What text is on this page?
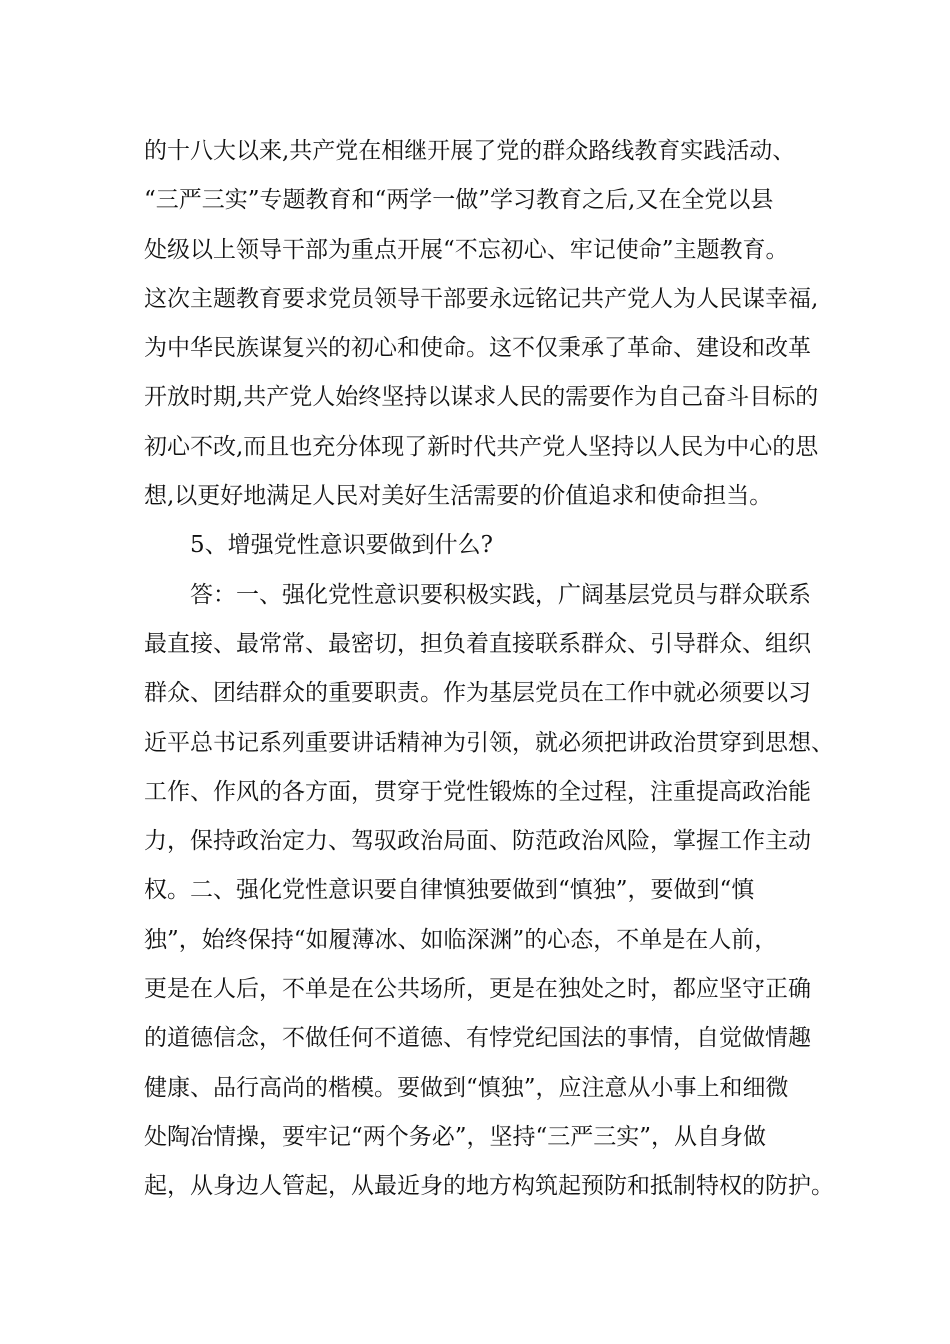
的十八大以来,共产党在相继开展了党的群众路线教育实践活动、
“三严三实”专题教育和“两学一做”学习教育之后,又在全党以县
处级以上领导干部为重点开展“不忘初心、牢记使命”主题教育。
这次主题教育要求党员领导干部要永远铭记共产党人为人民谋幸福,
为中华民族谋复兴的初心和使命。这不仅秉承了革命、建设和改革
开放时期,共产党人始终坚持以谋求人民的需要作为自己奋斗目标的
初心不改,而且也充分体现了新时代共产党人坚持以人民为中心的思
想,以更好地满足人民对美好生活需要的价值追求和使命担当。
5、增强党性意识要做到什么?
答：一、强化党性意识要积极实践，广阔基层党员与群众联系
最直接、最常常、最密切，担负着直接联系群众、引导群众、组织
群众、团结群众的重要职责。作为基层党员在工作中就必须要以习
近平总书记系列重要讲话精神为引领，就必须把讲政治贯穿到思想、
工作、作风的各方面，贯穿于党性锻炼的全过程，注重提高政治能
力，保持政治定力、驾驭政治局面、防范政治风险，掌握工作主动
权。二、强化党性意识要自律慎独要做到“慎独”，要做到“慎
独”，始终保持“如履薄冰、如临深渊”的心态，不单是在人前，
更是在人后，不单是在公共场所，更是在独处之时，都应坚守正确
的道德信念，不做任何不道德、有悖党纪国法的事情，自觉做情趣
健康、品行高尚的楷模。要做到“慎独”，应注意从小事上和细微
处陶冶情操，要牢记“两个务必”，坚持“三严三实”，从自身做
起，从身边人管起，从最近身的地方构筑起预防和抵制特权的防护。
